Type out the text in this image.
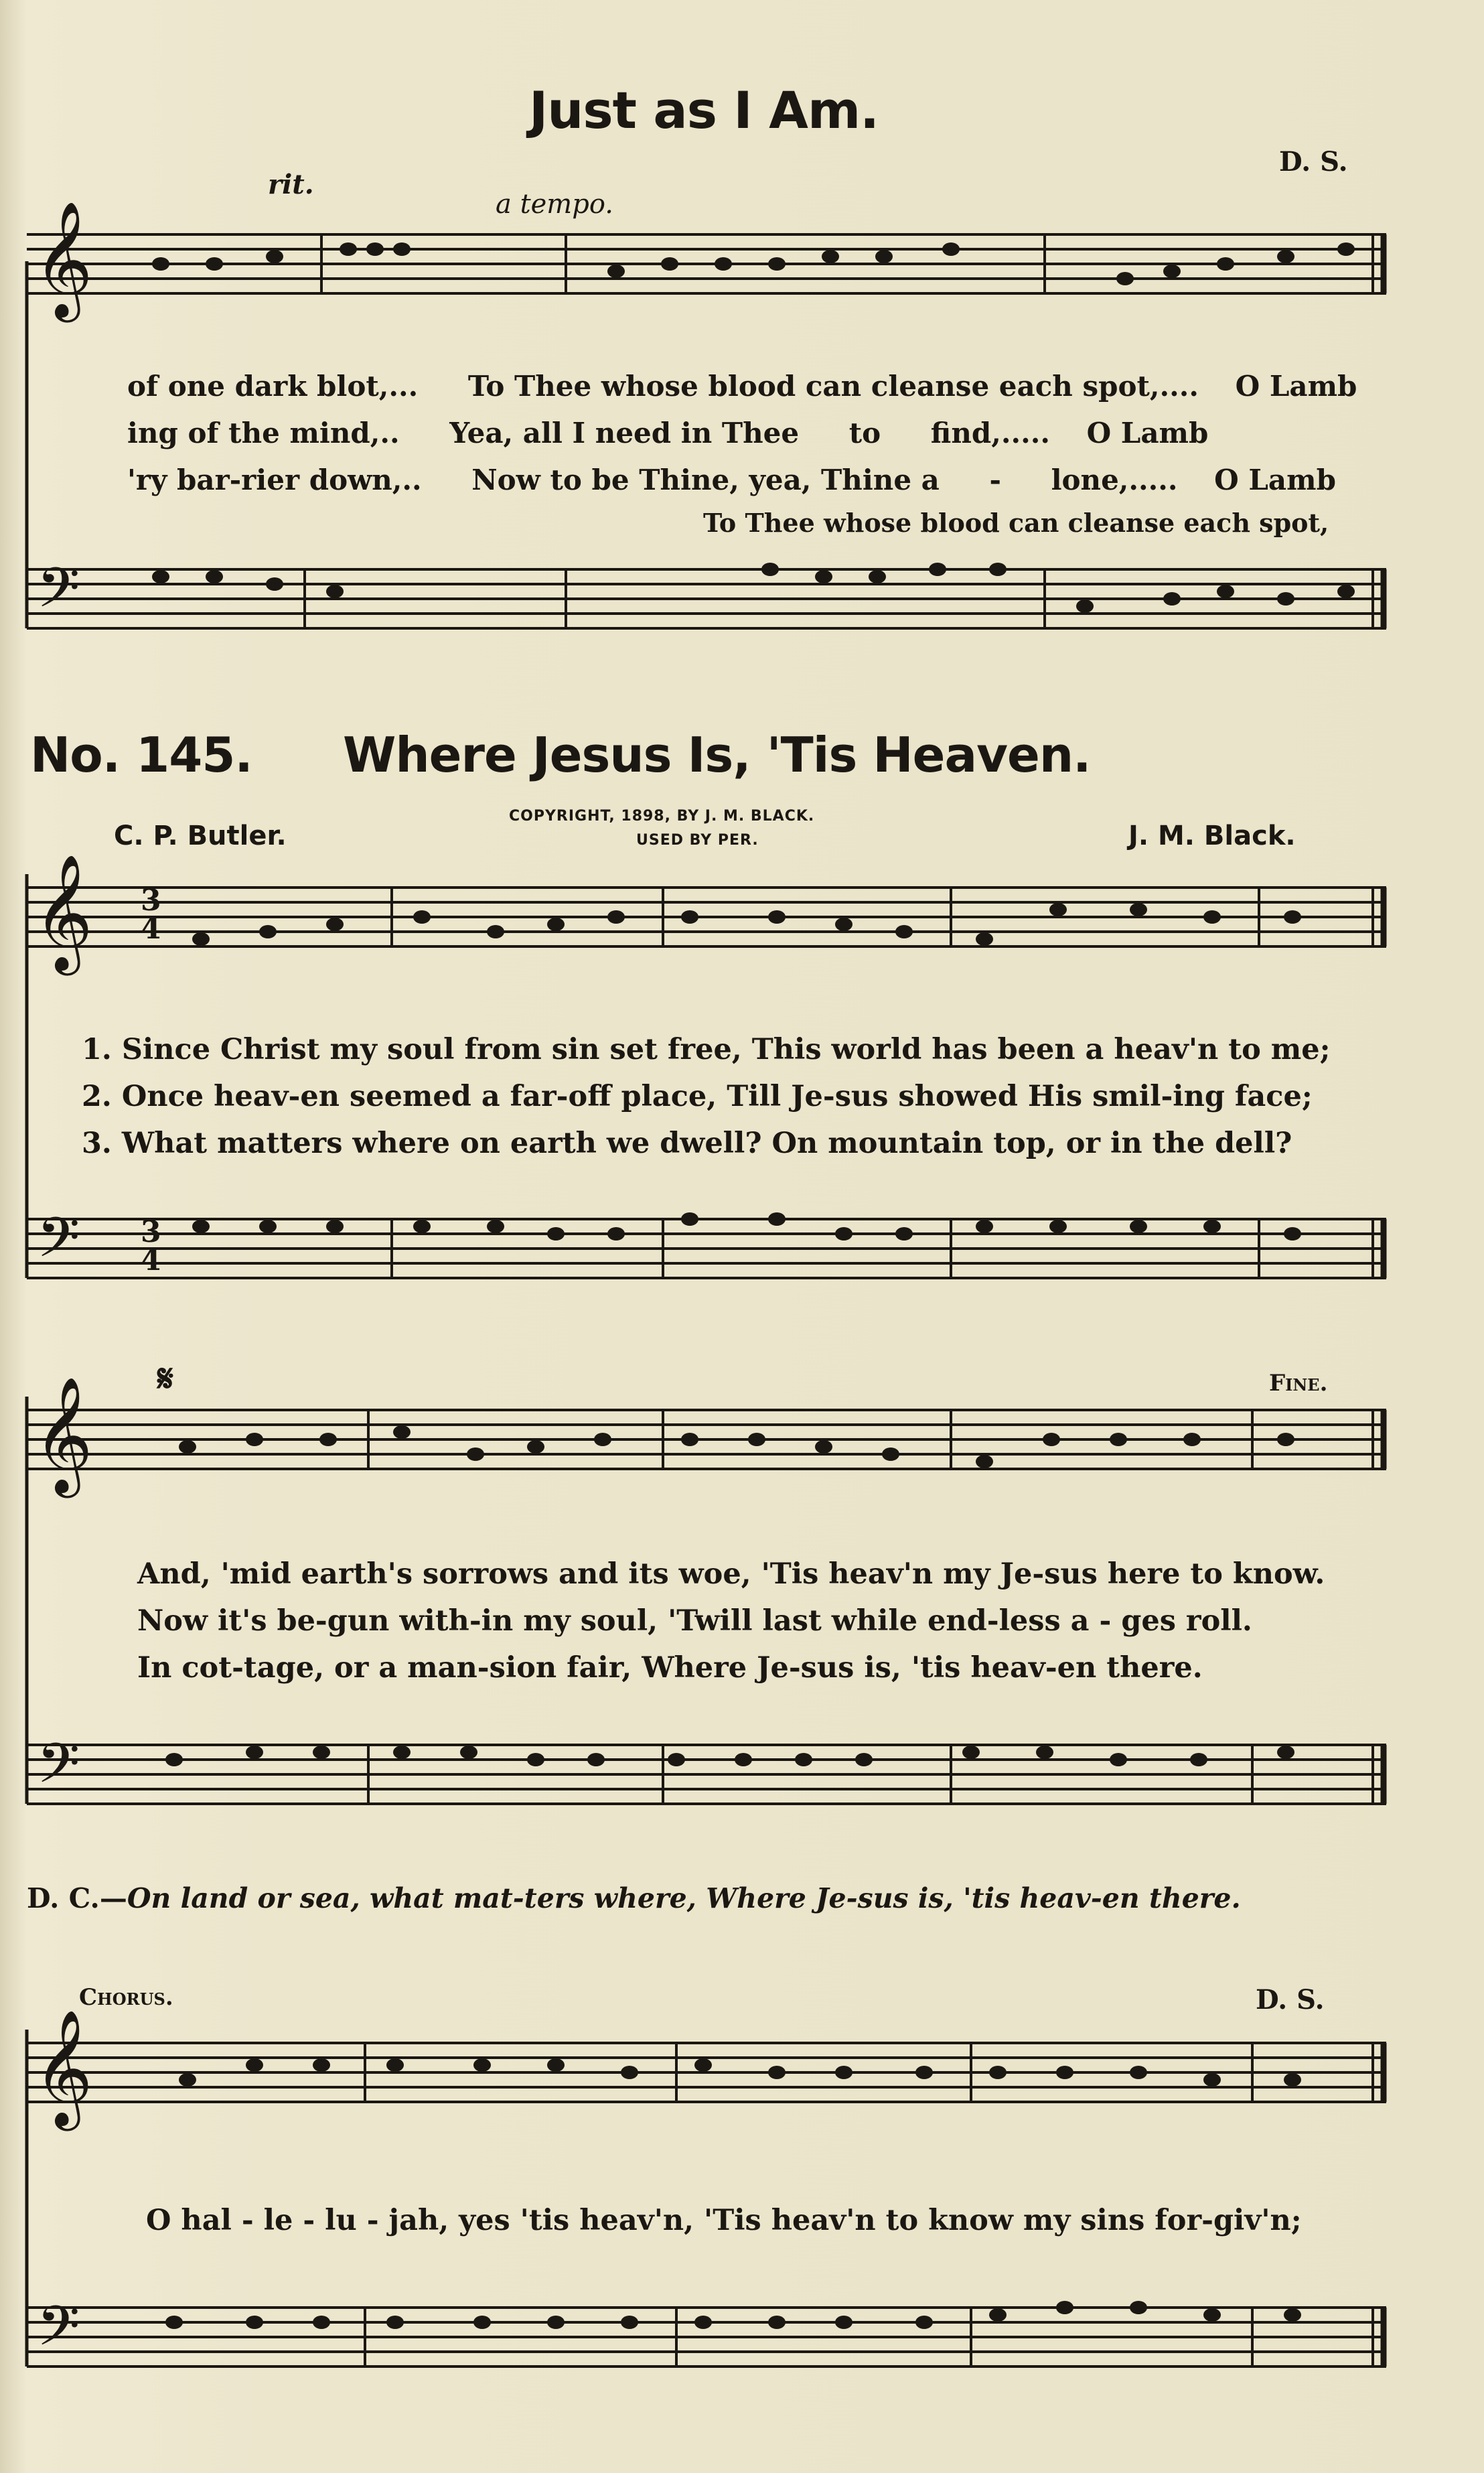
Just as I Am.
D. S.
rit.
a tempo.
𝄞
of one dark blot,... To Thee whose blood can cleanse each spot,.... O Lamb
ing of the mind,.. Yea, all I need in Thee to find,..... O Lamb
'ry bar-rier down,.. Now to be Thine, yea, Thine a - lone,..... O Lamb
To Thee whose blood can cleanse each spot,
𝄢
No. 145. Where Jesus Is, 'Tis Heaven.
C. P. Butler.
COPYRIGHT, 1898, BY J. M. BLACK.
USED BY PER.	J. M. Black.
𝄞 3
4
1. Since Christ my soul from sin set free, This world has been a heav'n to me;
2. Once heav-en seemed a far-off place, Till Je-sus showed His smil-ing face;
3. What matters where on earth we dwell? On mountain top, or in the dell?
𝄢 3
4
𝄋	Fine.
𝄞
And, 'mid earth's sorrows and its woe, 'Tis heav'n my Je-sus here to know.
Now it's be-gun with-in my soul, 'Twill last while end-less a - ges roll.
In cot-tage, or a man-sion fair, Where Je-sus is, 'tis heav-en there.
𝄢
D. C.—On land or sea, what mat-ters where, Where Je-sus is, 'tis heav-en there.
Chorus.	D. S.
𝄞
O hal - le - lu - jah, yes 'tis heav'n, 'Tis heav'n to know my sins for-giv'n;
𝄢
